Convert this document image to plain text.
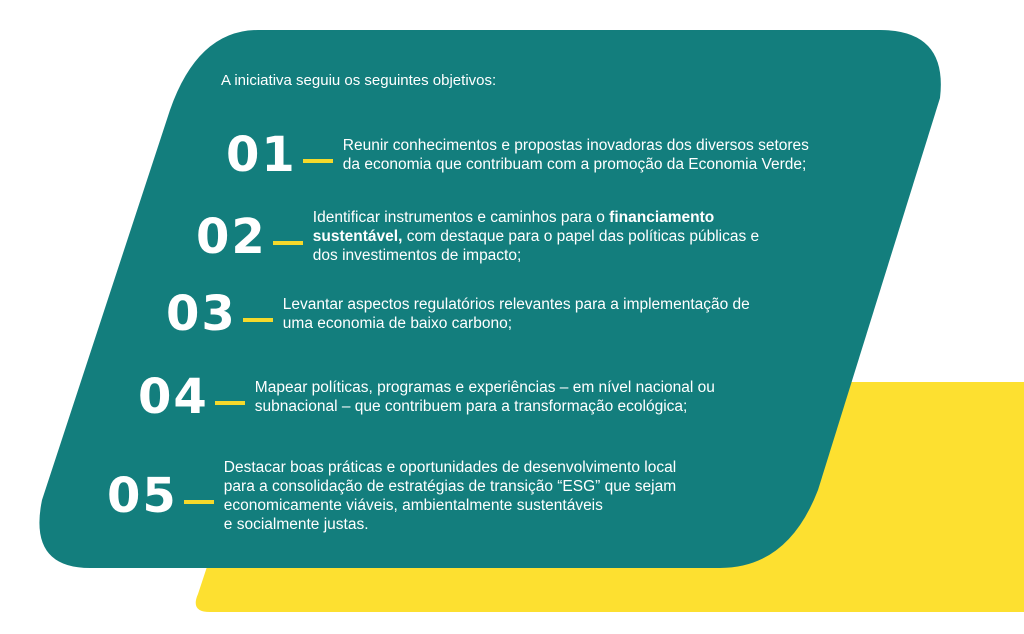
A iniciativa seguiu os seguintes objetivos:

01	Reunir conhecimentos e propostas inovadoras dos diversos setores
da economia que contribuam com a promoção da Economia Verde;
02	Identificar instrumentos e caminhos para o financiamento
sustentável, com destaque para o papel das políticas públicas e
dos investimentos de impacto;
03	Levantar aspectos regulatórios relevantes para a implementação de
uma economia de baixo carbono;
04	Mapear políticas, programas e experiências – em nível nacional ou
subnacional – que contribuem para a transformação ecológica;
05
Destacar boas práticas e oportunidades de desenvolvimento local
para a consolidação de estratégias de transição “ESG” que sejam
economicamente viáveis, ambientalmente sustentáveis
e socialmente justas.
